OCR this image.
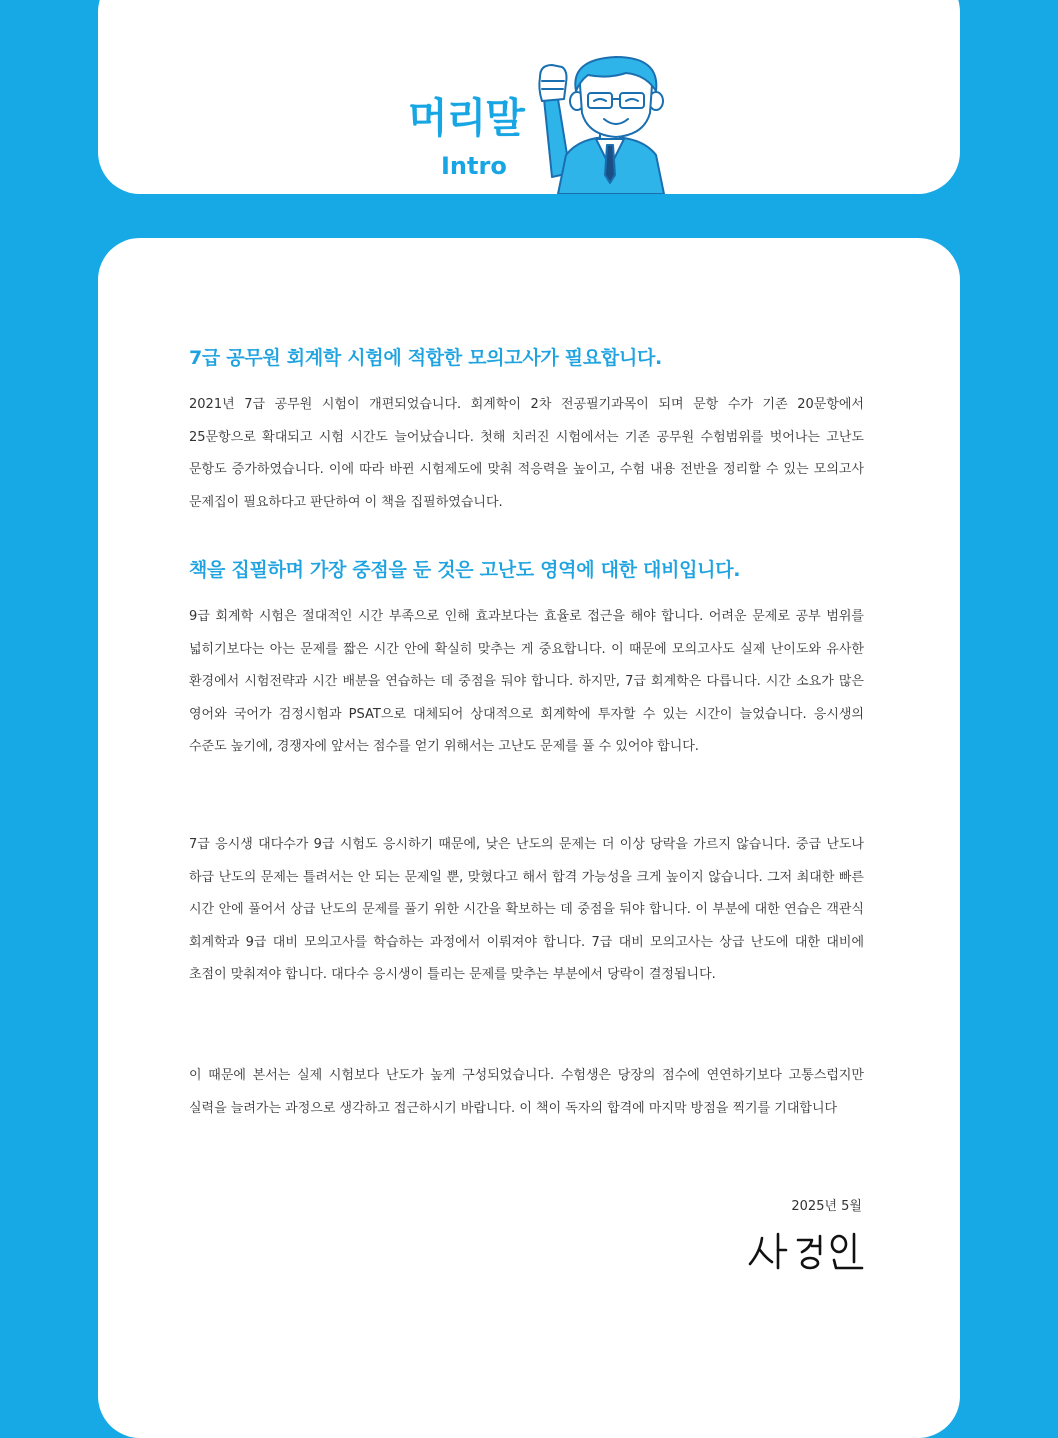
머리말
Intro
7급 공무원 회계학 시험에 적합한 모의고사가 필요합니다.

2021년 7급 공무원 시험이 개편되었습니다. 회계학이 2차 전공필기과목이 되며 문항 수가 기존 20문항에서 25문항으로 확대되고 시험 시간도 늘어났습니다. 첫해 치러진 시험에서는 기존 공무원 수험범위를 벗어나는 고난도 문항도 증가하였습니다. 이에 따라 바뀐 시험제도에 맞춰 적응력을 높이고, 수험 내용 전반을 정리할 수 있는 모의고사 문제집이 필요하다고 판단하여 이 책을 집필하였습니다.

책을 집필하며 가장 중점을 둔 것은 고난도 영역에 대한 대비입니다.

9급 회계학 시험은 절대적인 시간 부족으로 인해 효과보다는 효율로 접근을 해야 합니다. 어려운 문제로 공부 범위를 넓히기보다는 아는 문제를 짧은 시간 안에 확실히 맞추는 게 중요합니다. 이 때문에 모의고사도 실제 난이도와 유사한 환경에서 시험전략과 시간 배분을 연습하는 데 중점을 둬야 합니다. 하지만, 7급 회계학은 다릅니다. 시간 소요가 많은 영어와 국어가 검정시험과 PSAT으로 대체되어 상대적으로 회계학에 투자할 수 있는 시간이 늘었습니다. 응시생의 수준도 높기에, 경쟁자에 앞서는 점수를 얻기 위해서는 고난도 문제를 풀 수 있어야 합니다.

7급 응시생 대다수가 9급 시험도 응시하기 때문에, 낮은 난도의 문제는 더 이상 당락을 가르지 않습니다. 중급 난도나 하급 난도의 문제는 틀려서는 안 되는 문제일 뿐, 맞혔다고 해서 합격 가능성을 크게 높이지 않습니다. 그저 최대한 빠른 시간 안에 풀어서 상급 난도의 문제를 풀기 위한 시간을 확보하는 데 중점을 둬야 합니다. 이 부분에 대한 연습은 객관식 회계학과 9급 대비 모의고사를 학습하는 과정에서 이뤄져야 합니다. 7급 대비 모의고사는 상급 난도에 대한 대비에 초점이 맞춰져야 합니다. 대다수 응시생이 틀리는 문제를 맞추는 부분에서 당락이 결정됩니다.

이 때문에 본서는 실제 시험보다 난도가 높게 구성되었습니다. 수험생은 당장의 점수에 연연하기보다 고통스럽지만 실력을 늘려가는 과정으로 생각하고 접근하시기 바랍니다. 이 책이 독자의 합격에 마지막 방점을 찍기를 기대합니다

2025년 5월
